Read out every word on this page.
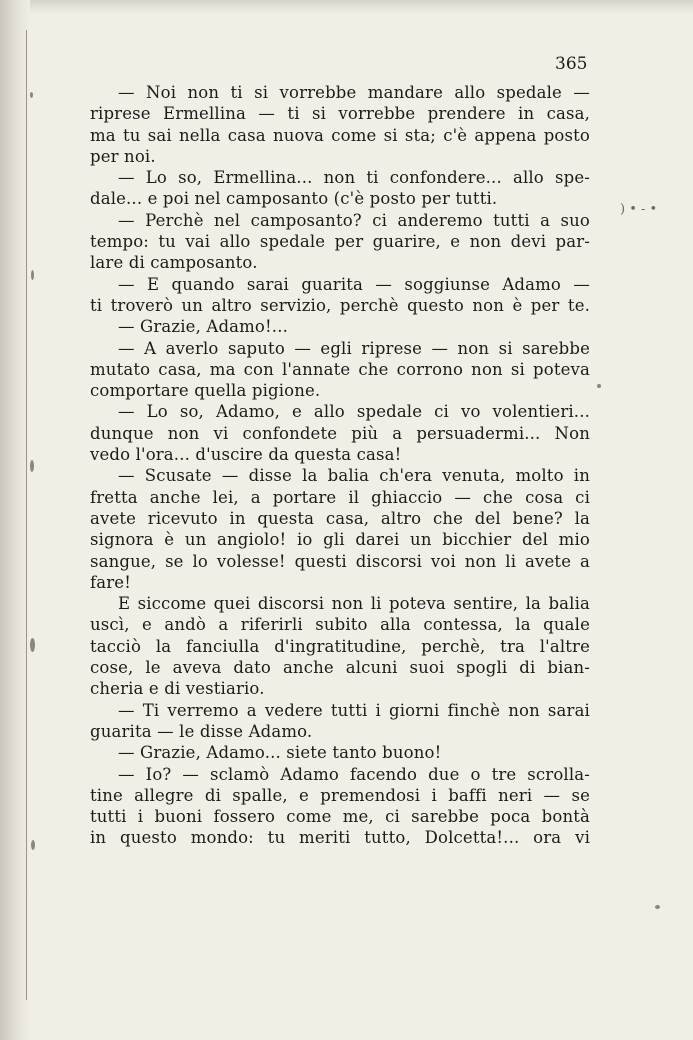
365
) • - •
— Noi non ti si vorrebbe mandare allo spedale —
riprese Ermellina — ti si vorrebbe prendere in casa,
ma tu sai nella casa nuova come si sta; c'è appena posto
per noi.
— Lo so, Ermellina... non ti confondere... allo spe-
dale... e poi nel camposanto (c'è posto per tutti.
— Perchè nel camposanto? ci anderemo tutti a suo
tempo: tu vai allo spedale per guarire, e non devi par-
lare di camposanto.
— E quando sarai guarita — soggiunse Adamo —
ti troverò un altro servizio, perchè questo non è per te.
— Grazie, Adamo!...
— A averlo saputo — egli riprese — non si sarebbe
mutato casa, ma con l'annate che corrono non si poteva
comportare quella pigione.
— Lo so, Adamo, e allo spedale ci vo volentieri...
dunque non vi confondete più a persuadermi... Non
vedo l'ora... d'uscire da questa casa!
— Scusate — disse la balia ch'era venuta, molto in
fretta anche lei, a portare il ghiaccio — che cosa ci
avete ricevuto in questa casa, altro che del bene? la
signora è un angiolo! io gli darei un bicchier del mio
sangue, se lo volesse! questi discorsi voi non li avete a
fare!
E siccome quei discorsi non li poteva sentire, la balia
uscì, e andò a riferirli subito alla contessa, la quale
tacciò la fanciulla d'ingratitudine, perchè, tra l'altre
cose, le aveva dato anche alcuni suoi spogli di bian-
cheria e di vestiario.
— Ti verremo a vedere tutti i giorni finchè non sarai
guarita — le disse Adamo.
— Grazie, Adamo... siete tanto buono!
— Io? — sclamò Adamo facendo due o tre scrolla-
tine allegre di spalle, e premendosi i baffi neri — se
tutti i buoni fossero come me, ci sarebbe poca bontà
in questo mondo: tu meriti tutto, Dolcetta!... ora vi
